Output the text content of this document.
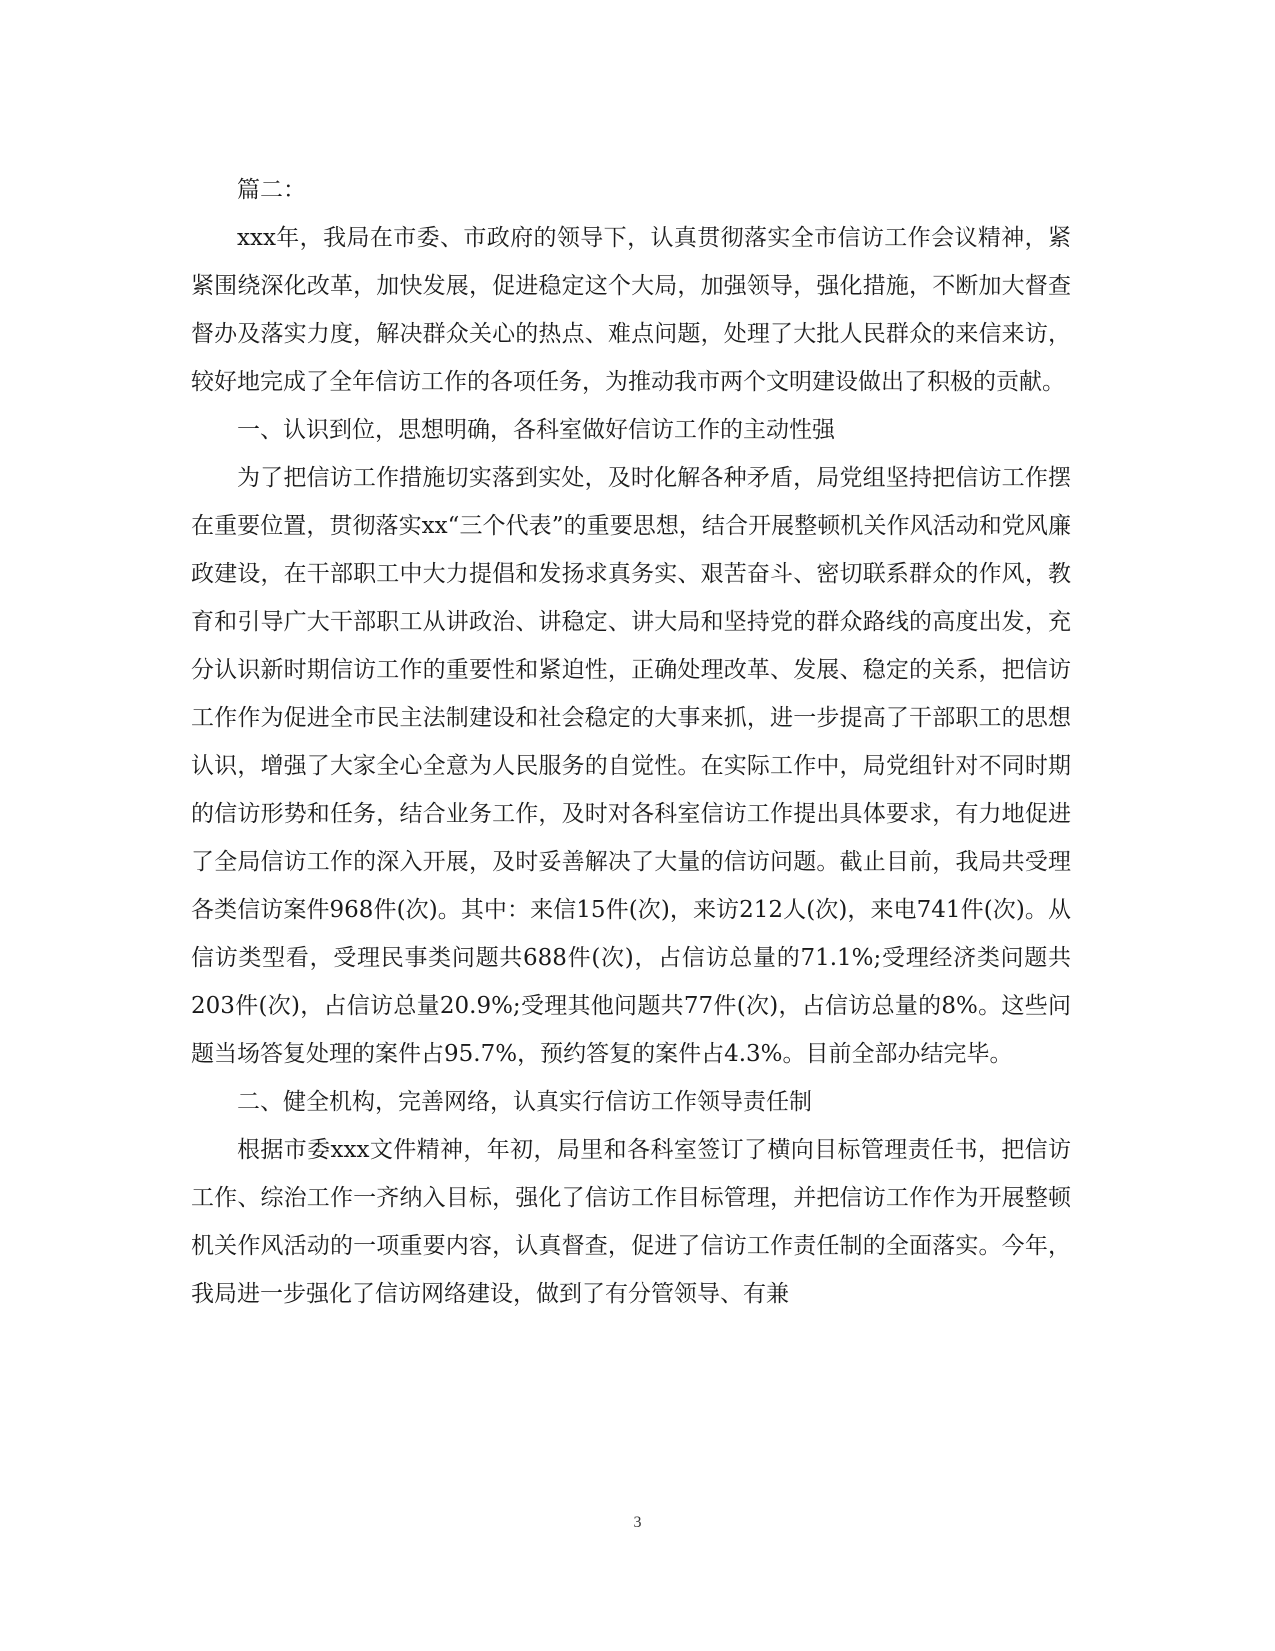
篇二：

xxx年，我局在市委、市政府的领导下，认真贯彻落实全市信访工作会议精神，紧紧围绕深化改革，加快发展，促进稳定这个大局，加强领导，强化措施，不断加大督查督办及落实力度，解决群众关心的热点、难点问题，处理了大批人民群众的来信来访，较好地完成了全年信访工作的各项任务，为推动我市两个文明建设做出了积极的贡献。

一、认识到位，思想明确，各科室做好信访工作的主动性强

为了把信访工作措施切实落到实处，及时化解各种矛盾，局党组坚持把信访工作摆在重要位置，贯彻落实xx“三个代表”的重要思想，结合开展整顿机关作风活动和党风廉政建设，在干部职工中大力提倡和发扬求真务实、艰苦奋斗、密切联系群众的作风，教育和引导广大干部职工从讲政治、讲稳定、讲大局和坚持党的群众路线的高度出发，充分认识新时期信访工作的重要性和紧迫性，正确处理改革、发展、稳定的关系，把信访工作作为促进全市民主法制建设和社会稳定的大事来抓，进一步提高了干部职工的思想认识，增强了大家全心全意为人民服务的自觉性。在实际工作中，局党组针对不同时期的信访形势和任务，结合业务工作，及时对各科室信访工作提出具体要求，有力地促进了全局信访工作的深入开展，及时妥善解决了大量的信访问题。截止目前，我局共受理各类信访案件968件(次)。其中：来信15件(次)，来访212人(次)，来电741件(次)。从信访类型看，受理民事类问题共688件(次)，占信访总量的71.1%;受理经济类问题共203件(次)，占信访总量20.9%;受理其他问题共77件(次)，占信访总量的8%。这些问题当场答复处理的案件占95.7%，预约答复的案件占4.3%。目前全部办结完毕。

二、健全机构，完善网络，认真实行信访工作领导责任制

根据市委xxx文件精神，年初，局里和各科室签订了横向目标管理责任书，把信访工作、综治工作一齐纳入目标，强化了信访工作目标管理，并把信访工作作为开展整顿机关作风活动的一项重要内容，认真督查，促进了信访工作责任制的全面落实。今年，我局进一步强化了信访网络建设，做到了有分管领导、有兼

3
